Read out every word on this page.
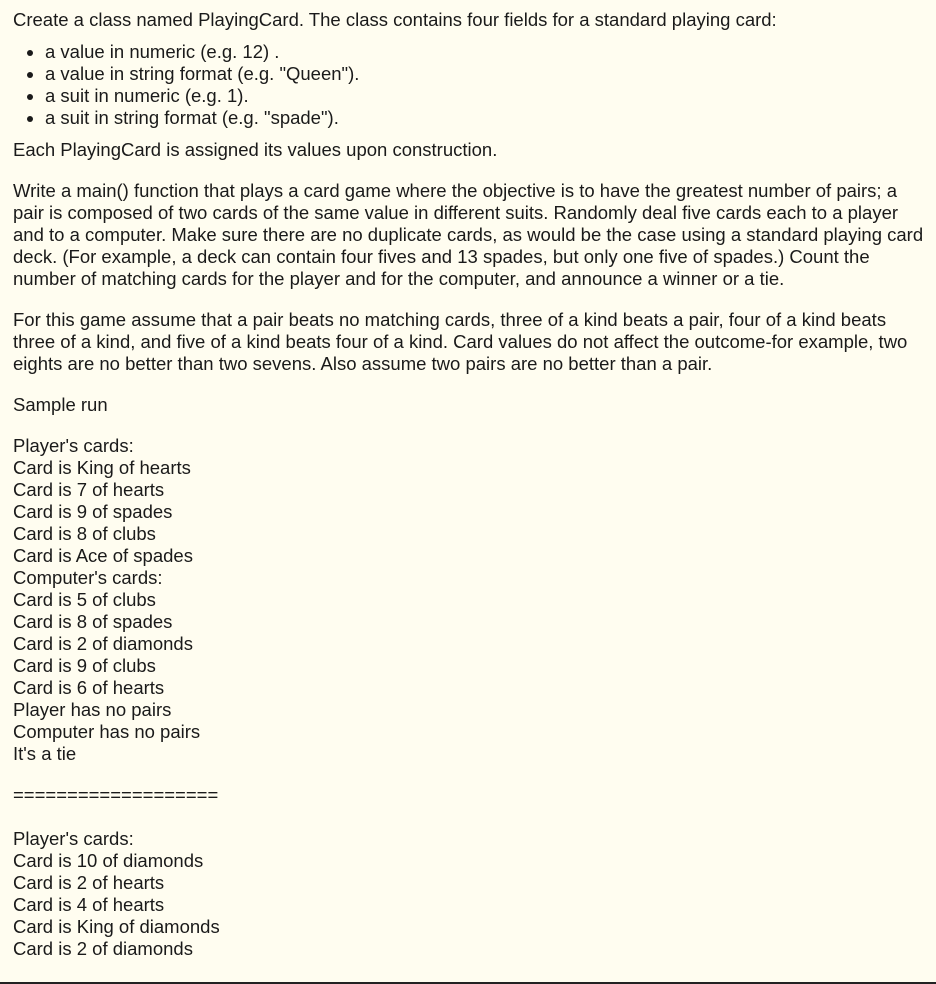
Create a class named PlayingCard. The class contains four fields for a standard playing card:

• a value in numeric (e.g. 12) .
• a value in string format (e.g. "Queen").
• a suit in numeric (e.g. 1).
• a suit in string format (e.g. "spade").

Each PlayingCard is assigned its values upon construction.

Write a main() function that plays a card game where the objective is to have the greatest number of pairs; a pair is composed of two cards of the same value in different suits. Randomly deal five cards each to a player and to a computer. Make sure there are no duplicate cards, as would be the case using a standard playing card deck. (For example, a deck can contain four fives and 13 spades, but only one five of spades.) Count the number of matching cards for the player and for the computer, and announce a winner or a tie.

For this game assume that a pair beats no matching cards, three of a kind beats a pair, four of a kind beats three of a kind, and five of a kind beats four of a kind. Card values do not affect the outcome-for example, two eights are no better than two sevens. Also assume two pairs are no better than a pair.

Sample run

Player's cards:
Card is King of hearts
Card is 7 of hearts
Card is 9 of spades
Card is 8 of clubs
Card is Ace of spades
Computer's cards:
Card is 5 of clubs
Card is 8 of spades
Card is 2 of diamonds
Card is 9 of clubs
Card is 6 of hearts
Player has no pairs
Computer has no pairs
It's a tie
===================
Player's cards:
Card is 10 of diamonds
Card is 2 of hearts
Card is 4 of hearts
Card is King of diamonds
Card is 2 of diamonds
